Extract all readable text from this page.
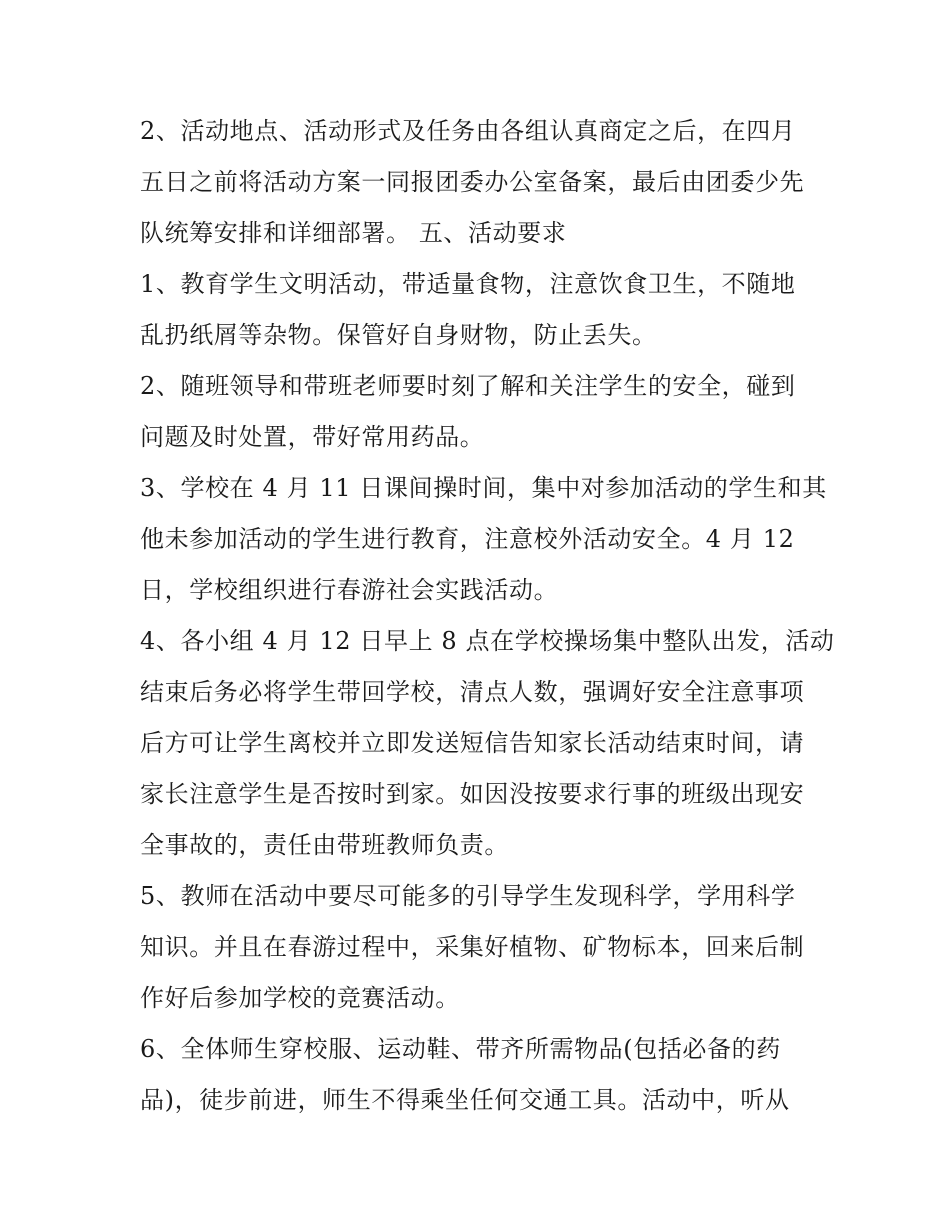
2、活动地点、活动形式及任务由各组认真商定之后，在四月
五日之前将活动方案一同报团委办公室备案，最后由团委少先
队统筹安排和详细部署。 五、活动要求
1、教育学生文明活动，带适量食物，注意饮食卫生，不随地
乱扔纸屑等杂物。保管好自身财物，防止丢失。
2、随班领导和带班老师要时刻了解和关注学生的安全，碰到
问题及时处置，带好常用药品。
3、学校在 4 月 11 日课间操时间，集中对参加活动的学生和其
他未参加活动的学生进行教育，注意校外活动安全。4 月 12
日，学校组织进行春游社会实践活动。
4、各小组 4 月 12 日早上 8 点在学校操场集中整队出发，活动
结束后务必将学生带回学校，清点人数，强调好安全注意事项
后方可让学生离校并立即发送短信告知家长活动结束时间，请
家长注意学生是否按时到家。如因没按要求行事的班级出现安
全事故的，责任由带班教师负责。
5、教师在活动中要尽可能多的引导学生发现科学，学用科学
知识。并且在春游过程中，采集好植物、矿物标本，回来后制
作好后参加学校的竞赛活动。
6、全体师生穿校服、运动鞋、带齐所需物品(包括必备的药
品)，徒步前进，师生不得乘坐任何交通工具。活动中，听从
